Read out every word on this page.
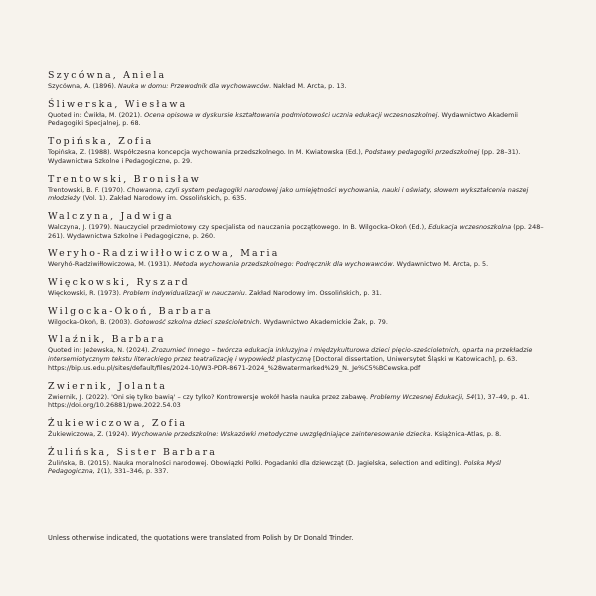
Szycówna, Aniela
Szycówna, A. (1896). Nauka w domu: Przewodnik dla wychowawców. Nakład M. Arcta, p. 13.
Śliwerska, Wiesława
Quoted in: Ćwikła, M. (2021). Ocena opisowa w dyskursie kształtowania podmiotowości ucznia edukacji wczesnoszkolnej. Wydawnictwo Akademii Pedagogiki Specjalnej, p. 68.
Topińska, Zofia
Topińska, Z. (1988). Współczesna koncepcja wychowania przedszkolnego. In M. Kwiatowska (Ed.), Podstawy pedagogiki przedszkolnej (pp. 28–31). Wydawnictwa Szkolne i Pedagogiczne, p. 29.
Trentowski, Bronisław
Trentowski, B. F. (1970). Chowanna, czyli system pedagogiki narodowej jako umiejętności wychowania, nauki i oświaty, słowem wykształcenia naszej młodzieży (Vol. 1). Zakład Narodowy im. Ossolińskich, p. 635.
Walczyna, Jadwiga
Walczyna, J. (1979). Nauczyciel przedmiotowy czy specjalista od nauczania początkowego. In B. Wilgocka-Okoń (Ed.), Edukacja wczesnoszkolna (pp. 248–261). Wydawnictwa Szkolne i Pedagogiczne, p. 260.
Weryho-Radziwiłłowiczowa, Maria
Weryhó-Radziwiłłowiczowa, M. (1931). Metoda wychowania przedszkolnego: Podręcznik dla wychowawców. Wydawnictwo M. Arcta, p. 5.
Więckowski, Ryszard
Więckowski, R. (1973). Problem indywidualizacji w nauczaniu. Zakład Narodowy im. Ossolińskich, p. 31.
Wilgocka-Okoń, Barbara
Wilgocka-Okoń, B. (2003). Gotowość szkolna dzieci sześcioletnich. Wydawnictwo Akademickie Żak, p. 79.
Wlaźnik, Barbara
Quoted in: Jeżewska, N. (2024). Zrozumieć Innego – twórcza edukacja inkluzyjna i międzykulturowa dzieci pięcio-sześcioletnich, oparta na przekładzie intersemiotycznym tekstu literackiego przez teatralizację i wypowiedź plastyczną [Doctoral dissertation, Uniwersytet Śląski w Katowicach], p. 63. https://bip.us.edu.pl/sites/default/files/2024-10/W3-PDR-8671-2024_%28watermarked%29_N._Je%C5%BCewska.pdf
Zwiernik, Jolanta
Zwiernik, J. (2022). 'Oni się tylko bawią' – czy tylko? Kontrowersje wokół hasła nauka przez zabawę. Problemy Wczesnej Edukacji, 54(1), 37–49, p. 41. https://doi.org/10.26881/pwe.2022.54.03
Żukiewiczowa, Zofia
Żukiewiczowa, Z. (1924). Wychowanie przedszkolne: Wskazówki metodyczne uwzględniające zainteresowanie dziecka. Książnica-Atlas, p. 8.
Żulińska, Sister Barbara
Żulińska, B. (2015). Nauka moralności narodowej. Obowiązki Polki. Pogadanki dla dziewcząt (D. Jagielska, selection and editing). Polska Myśl Pedagogiczna, 1(1), 331–346, p. 337.
Unless otherwise indicated, the quotations were translated from Polish by Dr Donald Trinder.
